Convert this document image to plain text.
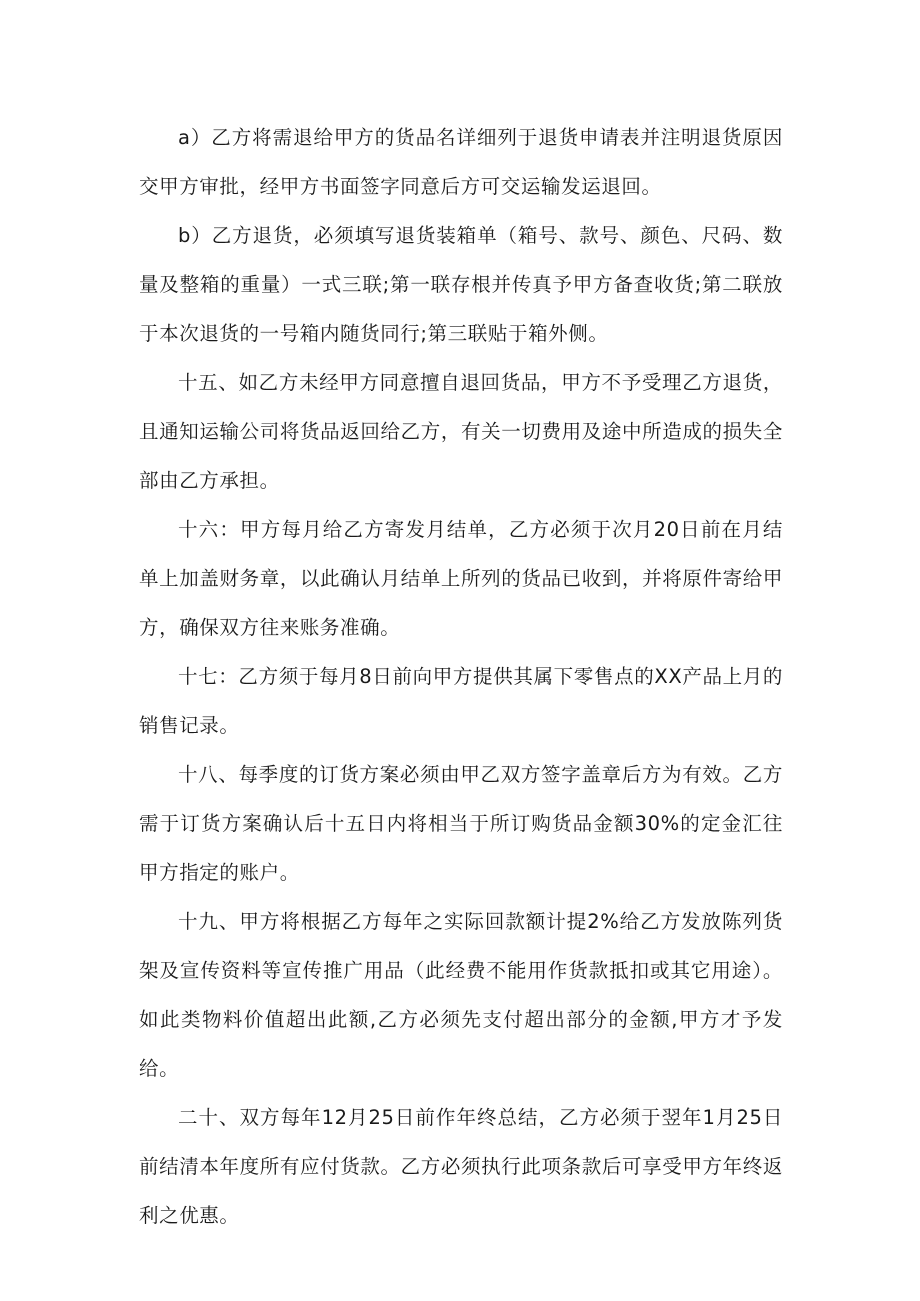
a）乙方将需退给甲方的货品名详细列于退货申请表并注明退货原因交甲方审批，经甲方书面签字同意后方可交运输发运退回。

b）乙方退货，必须填写退货装箱单（箱号、款号、颜色、尺码、数量及整箱的重量）一式三联;第一联存根并传真予甲方备查收货;第二联放于本次退货的一号箱内随货同行;第三联贴于箱外侧。

十五、如乙方未经甲方同意擅自退回货品，甲方不予受理乙方退货，且通知运输公司将货品返回给乙方，有关一切费用及途中所造成的损失全部由乙方承担。

十六：甲方每月给乙方寄发月结单，乙方必须于次月20日前在月结单上加盖财务章，以此确认月结单上所列的货品已收到，并将原件寄给甲方，确保双方往来账务准确。

十七：乙方须于每月8日前向甲方提供其属下零售点的XX产品上月的销售记录。

十八、每季度的订货方案必须由甲乙双方签字盖章后方为有效。乙方需于订货方案确认后十五日内将相当于所订购货品金额30%的定金汇往甲方指定的账户。

十九、甲方将根据乙方每年之实际回款额计提2%给乙方发放陈列货架及宣传资料等宣传推广用品（此经费不能用作货款抵扣或其它用途）。如此类物料价值超出此额,乙方必须先支付超出部分的金额,甲方才予发给。

二十、双方每年12月25日前作年终总结，乙方必须于翌年1月25日前结清本年度所有应付货款。乙方必须执行此项条款后可享受甲方年终返利之优惠。
